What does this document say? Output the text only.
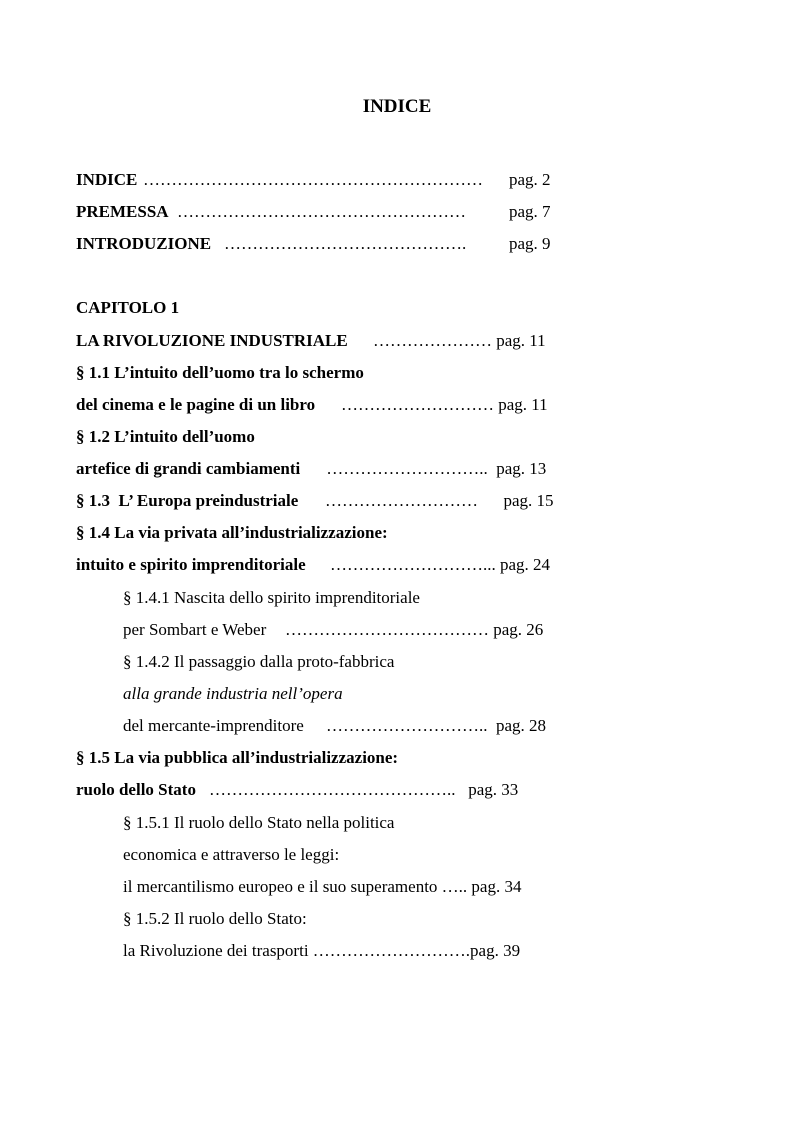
INDICE
INDICE …………………………………………………… pag. 2
PREMESSA ……………………………………………	pag. 7
INTRODUZIONE …………………………………….	pag. 9
CAPITOLO 1
LA RIVOLUZIONE INDUSTRIALE ………………… pag. 11
§ 1.1 L’intuito dell’uomo tra lo schermo
del cinema e le pagine di un libro ……………………… pag. 11
§ 1.2 L’intuito dell’uomo
artefice di grandi cambiamenti ………………………..  pag. 13
§ 1.3  L’ Europa preindustriale ………………………      pag. 15
§ 1.4 La via privata all’industrializzazione:
intuito e spirito imprenditoriale ………………………... pag. 24
§ 1.4.1 Nascita dello spirito imprenditoriale
per Sombart e Weber ……………………………… pag. 26
§ 1.4.2 Il passaggio dalla proto-fabbrica
alla grande industria nell’opera
del mercante-imprenditore ………………………..  pag. 28
§ 1.5 La via pubblica all’industrializzazione:
ruolo dello Stato ……………………………………..   pag. 33
§ 1.5.1 Il ruolo dello Stato nella politica
economica e attraverso le leggi:
il mercantilismo europeo e il suo superamento ….. pag. 34
§ 1.5.2 Il ruolo dello Stato:
la Rivoluzione dei trasporti ……………………….pag. 39
